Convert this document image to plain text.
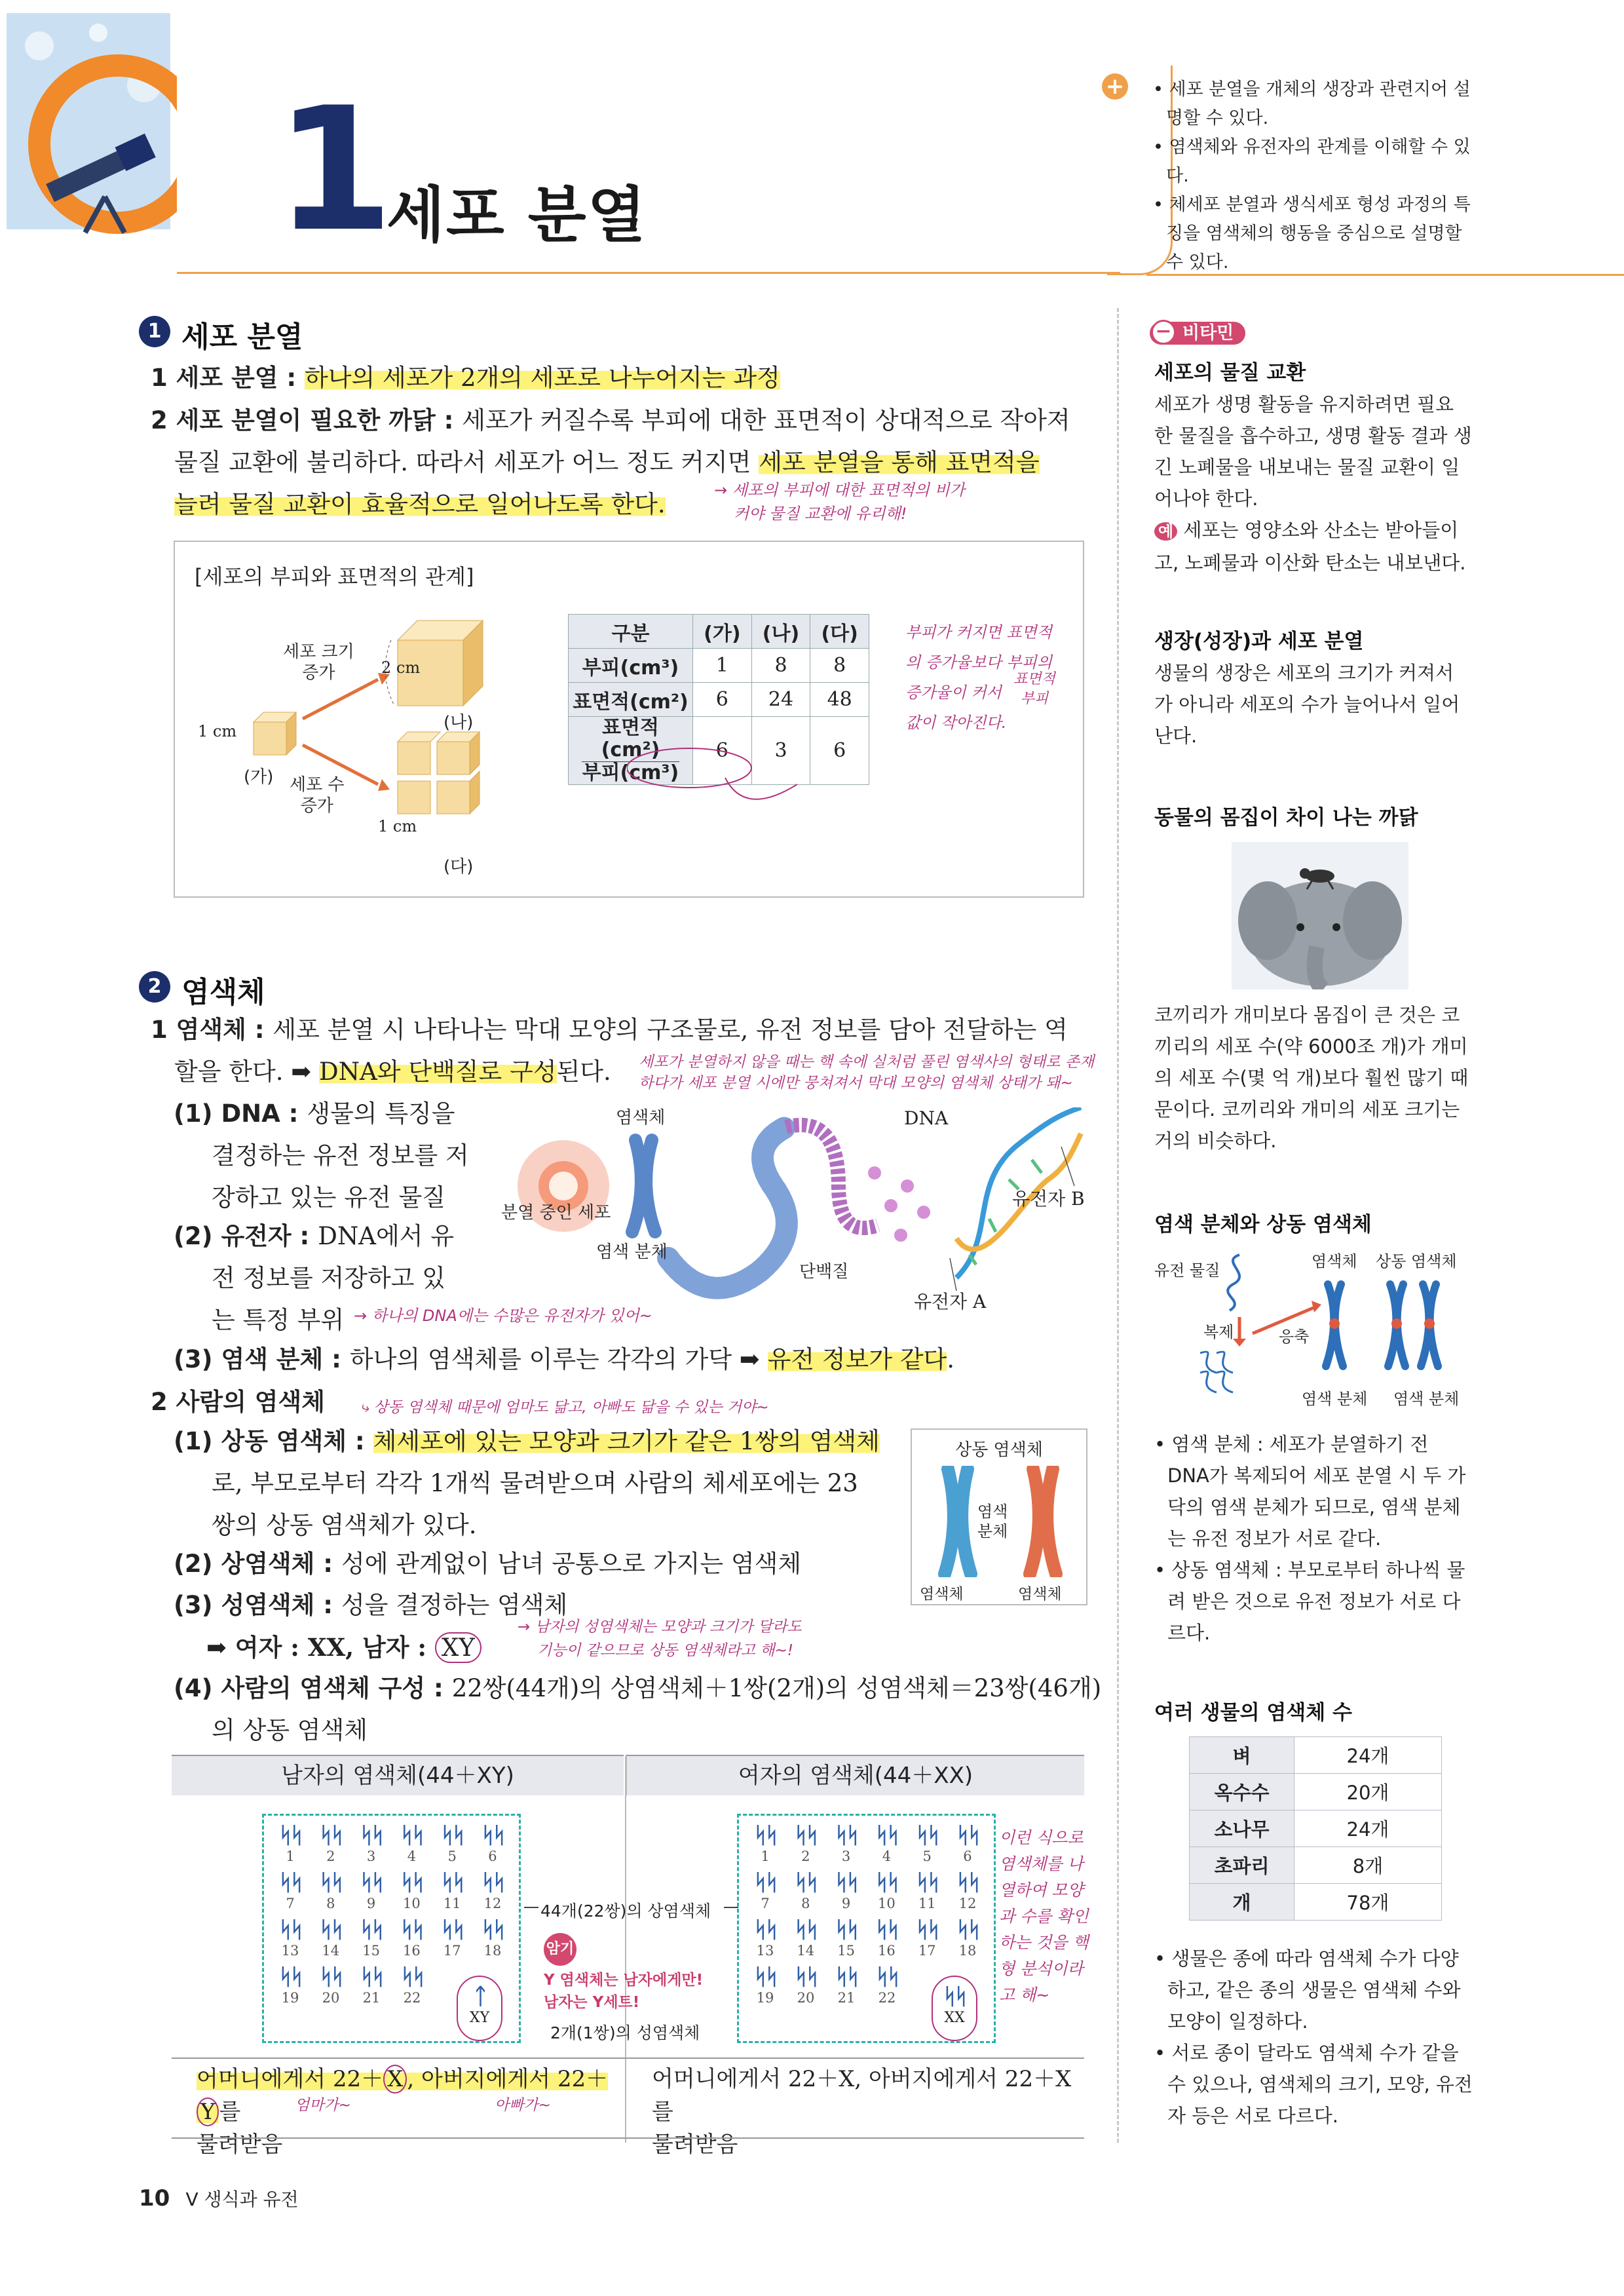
1
세포 분열
+ • 세포 분열을 개체의 생장과 관련지어 설명할 수 있다.
• 염색체와 유전자의 관계를 이해할 수 있다.
• 체세포 분열과 생식세포 형성 과정의 특징을 염색체의 행동을 중심으로 설명할 수 있다.
1 세포 분열
1 세포 분열 : 하나의 세포가 2개의 세포로 나누어지는 과정
2 세포 분열이 필요한 까닭 : 세포가 커질수록 부피에 대한 표면적이 상대적으로 작아져
물질 교환에 불리하다. 따라서 세포가 어느 정도 커지면 세포 분열을 통해 표면적을
늘려 물질 교환이 효율적으로 일어나도록 한다.	→ 세포의 부피에 대한 표면적의 비가
커야 물질 교환에 유리해!
[세포의 부피와 표면적의 관계]
세포 크기
증가
세포 수
증가
2 cm
1 cm
1 cm
(가)
(나)
(다)
구분	(가)	(나)	(다)
부피(cm³)	1	8	8
표면적(cm²)	6	24	48

표면적(cm²)
부피(cm³)	6	3	6
부피가 커지면 표면적
의 증가율보다 부피의
증가율이 커서
값이 작아진다.
표면적
부피
2 염색체
1 염색체 : 세포 분열 시 나타나는 막대 모양의 구조물로, 유전 정보를 담아 전달하는 역
할을 한다. ➡ DNA와 단백질로 구성된다.	세포가 분열하지 않을 때는 핵 속에 실처럼 풀린 염색사의 형태로 존재
하다가 세포 분열 시에만 뭉쳐져서 막대 모양의 염색체 상태가 돼~
(1) DNA : 생물의 특징을
결정하는 유전 정보를 저
장하고 있는 유전 물질
(2) 유전자 : DNA에서 유
전 정보를 저장하고 있
는 특정 부위 → 하나의 DNA에는 수많은 유전자가 있어~
염색체	DNA
분열 중인 세포
염색 분체
단백질
유전자 A
유전자 B
(3) 염색 분체 : 하나의 염색체를 이루는 각각의 가닥 ➡ 유전 정보가 같다.
2 사람의 염색체 ⤷ 상동 염색체 때문에 엄마도 닮고, 아빠도 닮을 수 있는 거야~
(1) 상동 염색체 : 체세포에 있는 모양과 크기가 같은 1쌍의 염색체
로, 부모로부터 각각 1개씩 물려받으며 사람의 체세포에는 23
쌍의 상동 염색체가 있다.
(2) 상염색체 : 성에 관계없이 남녀 공통으로 가지는 염색체
(3) 성염색체 : 성을 결정하는 염색체
➡ 여자 : XX, 남자 : XY
→ 남자의 성염색체는 모양과 크기가 달라도
기능이 같으므로 상동 염색체라고 해~!
(4) 사람의 염색체 구성 : 22쌍(44개)의 상염색체＋1쌍(2개)의 성염색체＝23쌍(46개)
의 상동 염색체
상동 염색체
염색
분체
염색체	염색체
남자의 염색체(44＋XY)	여자의 염색체(44＋XX)
ᛋᛋ
1
ᛋᛋ
2
ᛋᛋ
3
ᛋᛋ
4
ᛋᛋ
5
ᛋᛋ
6
ᛋᛋ
7
ᛋᛋ
8
ᛋᛋ
9
ᛋᛋ
10
ᛋᛋ
11
ᛋᛋ
12
ᛋᛋ
13
ᛋᛋ
14
ᛋᛋ
15
ᛋᛋ
16
ᛋᛋ
17
ᛋᛋ
18
ᛋᛋ
19
ᛋᛋ
20
ᛋᛋ
21
ᛋᛋ
22	ᛏ
XY
44개(22쌍)의 상염색체
암기
Y 염색체는 남자에게만!
남자는 Y세트!
2개(1쌍)의 성염색체
ᛋᛋ
1
ᛋᛋ
2
ᛋᛋ
3
ᛋᛋ
4
ᛋᛋ
5
ᛋᛋ
6
ᛋᛋ
7
ᛋᛋ
8
ᛋᛋ
9
ᛋᛋ
10
ᛋᛋ
11
ᛋᛋ
12
ᛋᛋ
13
ᛋᛋ
14
ᛋᛋ
15
ᛋᛋ
16
ᛋᛋ
17
ᛋᛋ
18
ᛋᛋ
19
ᛋᛋ
20
ᛋᛋ
21
ᛋᛋ
22	ᛋᛋ
XX
이런 식으로
염색체를 나
열하여 모양
과 수를 확인
하는 것을 핵
형 분석이라
고 해~
어머니에게서 22＋ X , 아버지에게서 22＋Y 를
물려받음
엄마가~	아빠가~
어머니에게서 22＋X, 아버지에게서 22＋X를
물려받음
− 비타민
세포의 물질 교환
세포가 생명 활동을 유지하려면 필요한 물질을 흡수하고, 생명 활동 결과 생긴 노폐물을 내보내는 물질 교환이 일어나야 한다.
예 세포는 영양소와 산소는 받아들이고, 노폐물과 이산화 탄소는 내보낸다.
생장(성장)과 세포 분열
생물의 생장은 세포의 크기가 커져서가 아니라 세포의 수가 늘어나서 일어난다.
동물의 몸집이 차이 나는 까닭
코끼리가 개미보다 몸집이 큰 것은 코끼리의 세포 수(약 6000조 개)가 개미의 세포 수(몇 억 개)보다 훨씬 많기 때문이다. 코끼리와 개미의 세포 크기는 거의 비슷하다.
염색 분체와 상동 염색체
유전 물질
복제	응축
염색체 상동 염색체
염색 분체 염색 분체
• 염색 분체 : 세포가 분열하기 전 DNA가 복제되어 세포 분열 시 두 가닥의 염색 분체가 되므로, 염색 분체는 유전 정보가 서로 같다.
• 상동 염색체 : 부모로부터 하나씩 물려 받은 것으로 유전 정보가 서로 다르다.
여러 생물의 염색체 수
벼	24개
옥수수	20개
소나무	24개
초파리	8개
개	78개
• 생물은 종에 따라 염색체 수가 다양하고, 같은 종의 생물은 염색체 수와 모양이 일정하다.
• 서로 종이 달라도 염색체 수가 같을 수 있으나, 염색체의 크기, 모양, 유전자 등은 서로 다르다.
10 Ⅴ 생식과 유전
